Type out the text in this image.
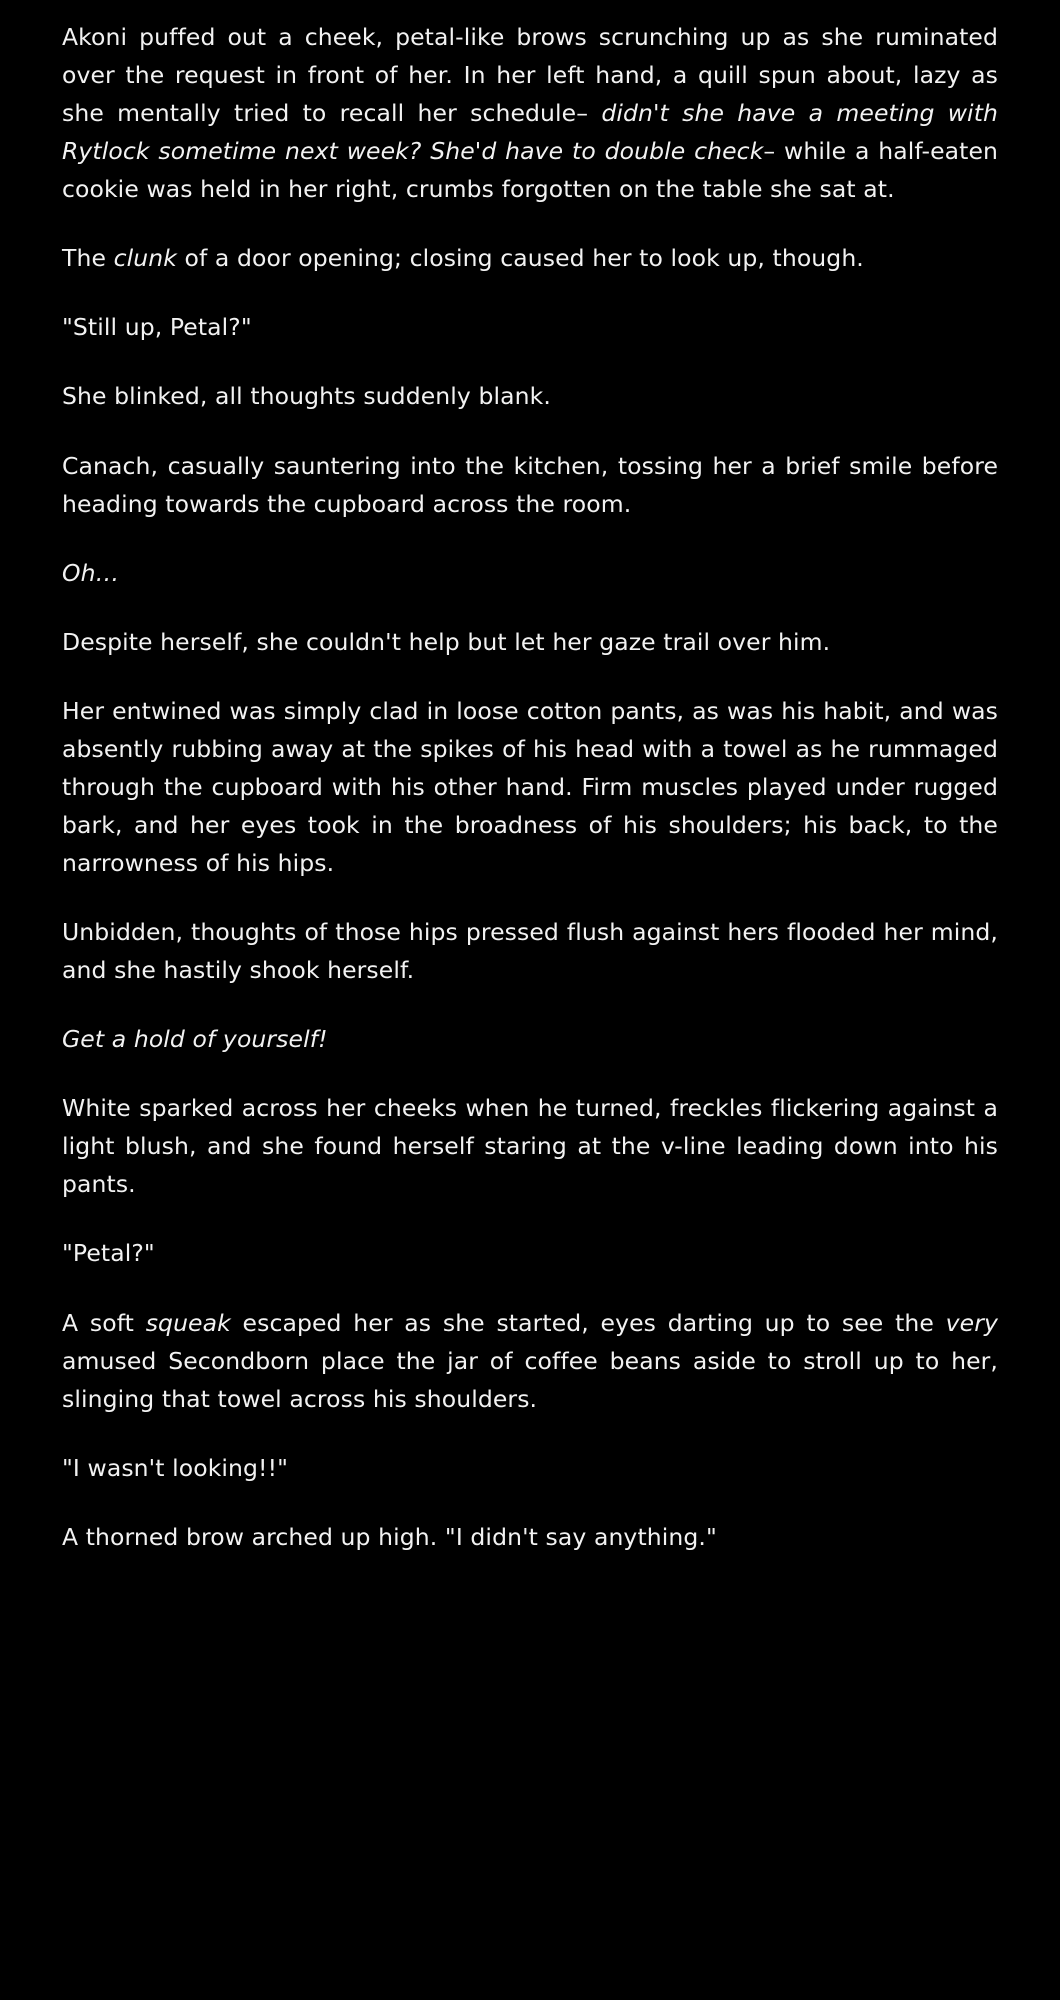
Akoni puffed out a cheek, petal-like brows scrunching up as she ruminated over the request in front of her. In her left hand, a quill spun about, lazy as she mentally tried to recall her schedule– didn't she have a meeting with Rytlock sometime next week? She'd have to double check– while a half-eaten cookie was held in her right, crumbs forgotten on the table she sat at.

The clunk of a door opening; closing caused her to look up, though.

"Still up, Petal?"

She blinked, all thoughts suddenly blank.

Canach, casually sauntering into the kitchen, tossing her a brief smile before heading towards the cupboard across the room.

Oh…

Despite herself, she couldn't help but let her gaze trail over him.

Her entwined was simply clad in loose cotton pants, as was his habit, and was absently rubbing away at the spikes of his head with a towel as he rummaged through the cupboard with his other hand. Firm muscles played under rugged bark, and her eyes took in the broadness of his shoulders; his back, to the narrowness of his hips.

Unbidden, thoughts of those hips pressed flush against hers flooded her mind, and she hastily shook herself.

Get a hold of yourself!

White sparked across her cheeks when he turned, freckles flickering against a light blush, and she found herself staring at the v-line leading down into his pants.

"Petal?"

A soft squeak escaped her as she started, eyes darting up to see the very amused Secondborn place the jar of coffee beans aside to stroll up to her, slinging that towel across his shoulders.

"I wasn't looking!!"

A thorned brow arched up high. "I didn't say anything."
